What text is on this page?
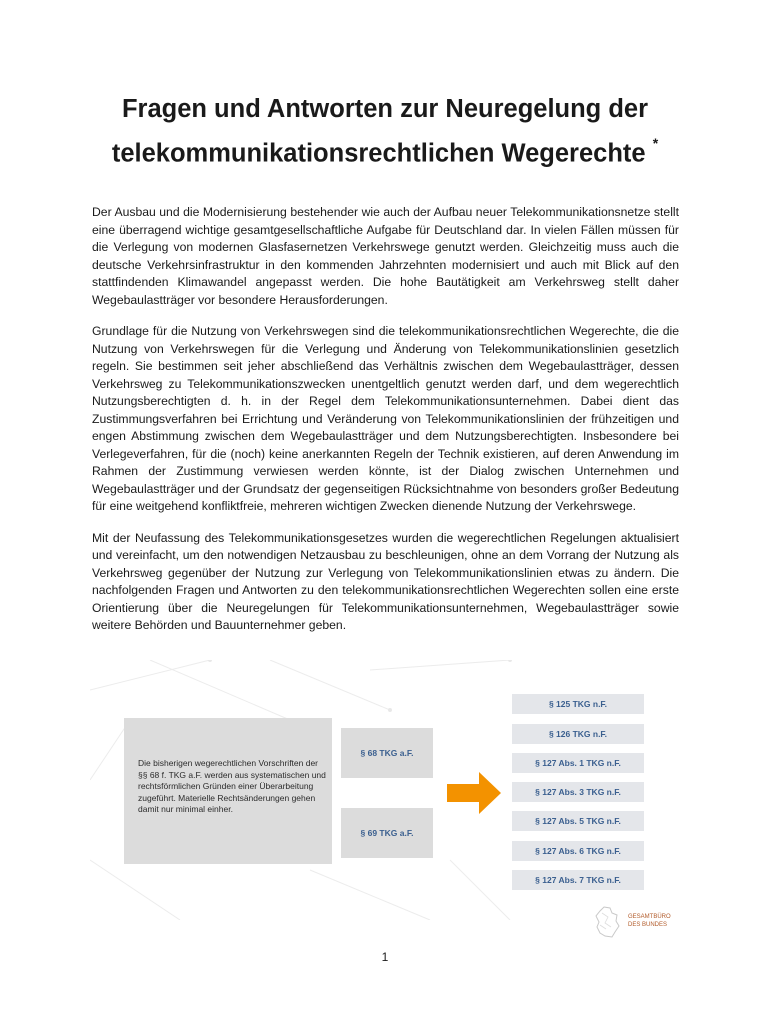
Fragen und Antworten zur Neuregelung der
telekommunikationsrechtlichen Wegerechte *

Der Ausbau und die Modernisierung bestehender wie auch der Aufbau neuer Telekommunikationsnetze stellt eine überragend wichtige gesamtgesellschaftliche Aufgabe für Deutschland dar. In vielen Fällen müssen für die Verlegung von modernen Glasfasernetzen Verkehrswege genutzt werden. Gleichzeitig muss auch die deutsche Verkehrsinfrastruktur in den kommenden Jahrzehnten modernisiert und auch mit Blick auf den stattfindenden Klimawandel angepasst werden. Die hohe Bautätigkeit am Verkehrsweg stellt daher Wegebaulastträger vor besondere Herausforderungen.

Grundlage für die Nutzung von Verkehrswegen sind die telekommunikationsrechtlichen Wegerechte, die die Nutzung von Verkehrswegen für die Verlegung und Änderung von Telekommunikationslinien gesetzlich regeln. Sie bestimmen seit jeher abschließend das Verhältnis zwischen dem Wegebaulastträger, dessen Verkehrsweg zu Telekommunikationszwecken unentgeltlich genutzt werden darf, und dem wegerechtlich Nutzungsberechtigten d. h. in der Regel dem Telekommunikationsunternehmen. Dabei dient das Zustimmungsverfahren bei Errichtung und Veränderung von Telekommunikationslinien der frühzeitigen und engen Abstimmung zwischen dem Wegebaulastträger und dem Nutzungsberechtigten. Insbesondere bei Verlegeverfahren, für die (noch) keine anerkannten Regeln der Technik existieren, auf deren Anwendung im Rahmen der Zustimmung verwiesen werden könnte, ist der Dialog zwischen Unternehmen und Wegebaulastträger und der Grundsatz der gegenseitigen Rücksichtnahme von besonders großer Bedeutung für eine weitgehend konfliktfreie, mehreren wichtigen Zwecken dienende Nutzung der Verkehrswege.

Mit der Neufassung des Telekommunikationsgesetzes wurden die wegerechtlichen Regelungen aktualisiert und vereinfacht, um den notwendigen Netzausbau zu beschleunigen, ohne an dem Vorrang der Nutzung als Verkehrsweg gegenüber der Nutzung zur Verlegung von Telekommunikationslinien etwas zu ändern. Die nachfolgenden Fragen und Antworten zu den telekommunikationsrechtlichen Wegerechten sollen eine erste Orientierung über die Neuregelungen für Telekommunikationsunternehmen, Wegebaulastträger sowie weitere Behörden und Bauunternehmer geben.

Die bisherigen wegerechtlichen Vorschriften der §§ 68 f. TKG a.F. werden aus systematischen und rechtsförmlichen Gründen einer Überarbeitung zugeführt. Materielle Rechtsänderungen gehen damit nur minimal einher.
§ 68 TKG a.F.
§ 69 TKG a.F.
§ 125 TKG n.F.
§ 126 TKG n.F.
§ 127 Abs. 1 TKG n.F.
§ 127 Abs. 3 TKG n.F.
§ 127 Abs. 5 TKG n.F.
§ 127 Abs. 6 TKG n.F.
§ 127 Abs. 7 TKG n.F.
GESAMTBÜRO
DES BUNDES
1
